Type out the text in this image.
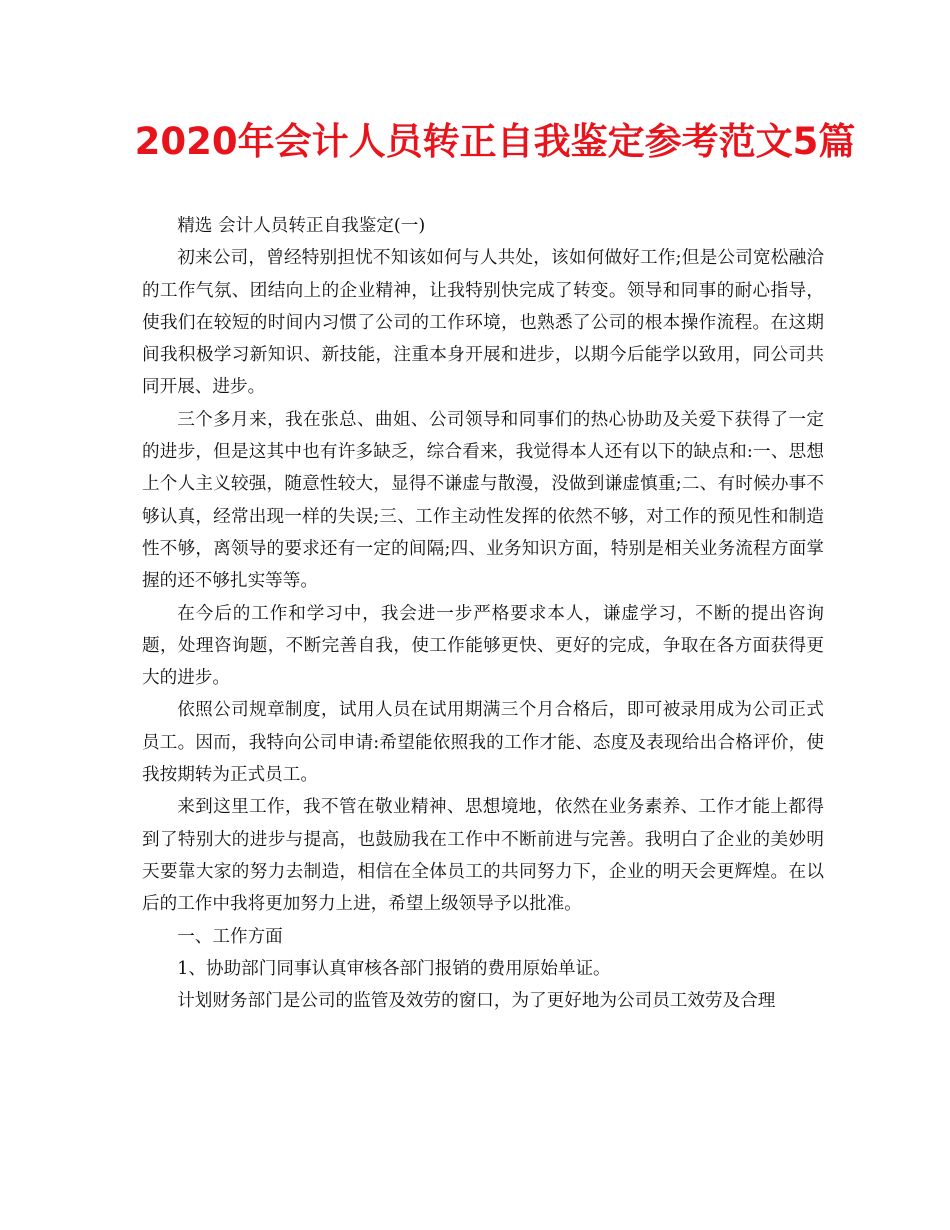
2020年会计人员转正自我鉴定参考范文5篇

精选 会计人员转正自我鉴定(一)

初来公司，曾经特别担忧不知该如何与人共处，该如何做好工作;但是公司宽松融洽的工作气氛、团结向上的企业精神，让我特别快完成了转变。领导和同事的耐心指导，使我们在较短的时间内习惯了公司的工作环境，也熟悉了公司的根本操作流程。在这期间我积极学习新知识、新技能，注重本身开展和进步，以期今后能学以致用，同公司共同开展、进步。

三个多月来，我在张总、曲姐、公司领导和同事们的热心协助及关爱下获得了一定的进步，但是这其中也有许多缺乏，综合看来，我觉得本人还有以下的缺点和:一、思想上个人主义较强，随意性较大，显得不谦虚与散漫，没做到谦虚慎重;二、有时候办事不够认真，经常出现一样的失误;三、工作主动性发挥的依然不够，对工作的预见性和制造性不够，离领导的要求还有一定的间隔;四、业务知识方面，特别是相关业务流程方面掌握的还不够扎实等等。

在今后的工作和学习中，我会进一步严格要求本人，谦虚学习，不断的提出咨询题，处理咨询题，不断完善自我，使工作能够更快、更好的完成，争取在各方面获得更大的进步。

依照公司规章制度，试用人员在试用期满三个月合格后，即可被录用成为公司正式员工。因而，我特向公司申请:希望能依照我的工作才能、态度及表现给出合格评价，使我按期转为正式员工。

来到这里工作，我不管在敬业精神、思想境地，依然在业务素养、工作才能上都得到了特别大的进步与提高，也鼓励我在工作中不断前进与完善。我明白了企业的美妙明天要靠大家的努力去制造，相信在全体员工的共同努力下，企业的明天会更辉煌。在以后的工作中我将更加努力上进，希望上级领导予以批准。

一、工作方面

1、协助部门同事认真审核各部门报销的费用原始单证。

计划财务部门是公司的监管及效劳的窗口，为了更好地为公司员工效劳及合理
